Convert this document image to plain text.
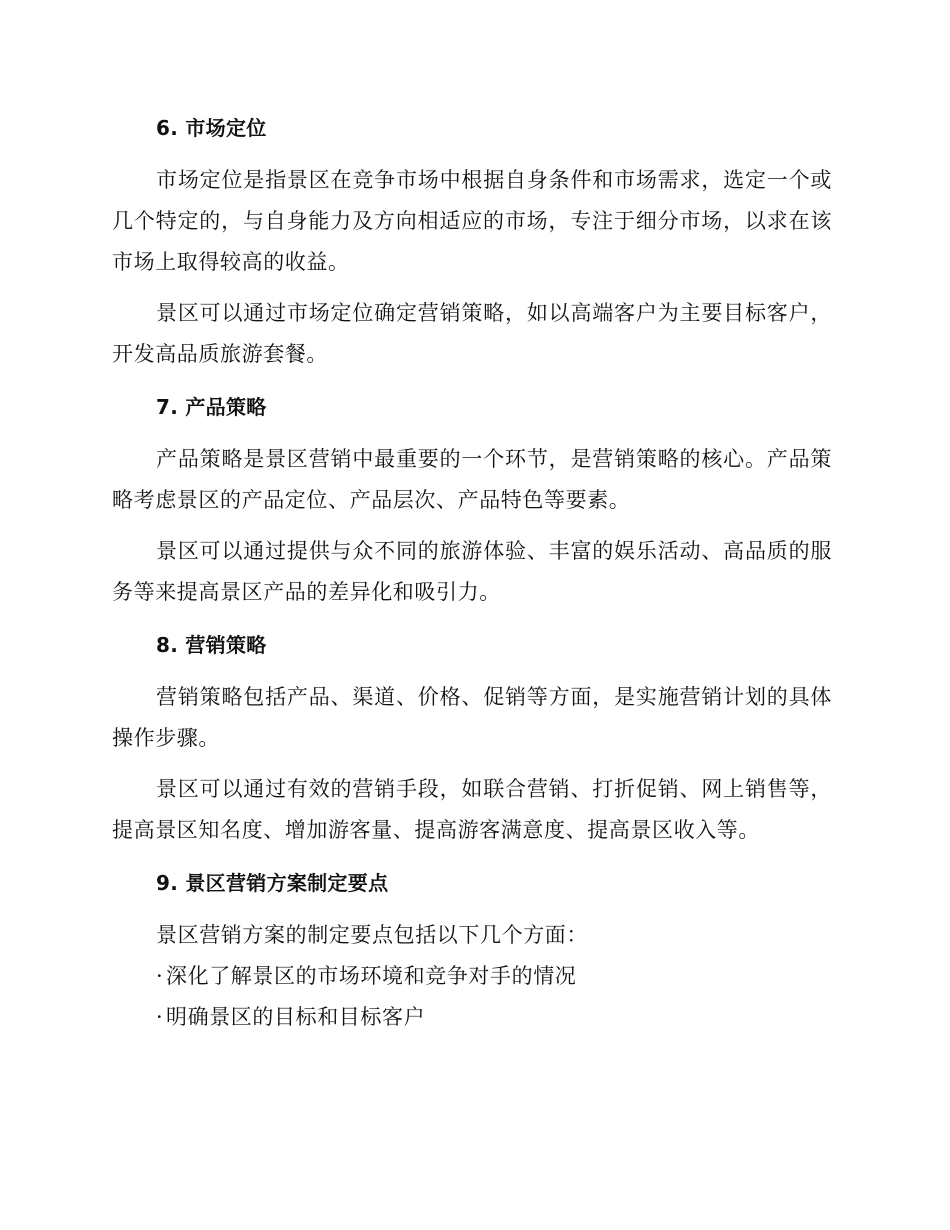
6. 市场定位

市场定位是指景区在竞争市场中根据自身条件和市场需求，选定一个或几个特定的，与自身能力及方向相适应的市场，专注于细分市场，以求在该市场上取得较高的收益。

景区可以通过市场定位确定营销策略，如以高端客户为主要目标客户，开发高品质旅游套餐。

7. 产品策略

产品策略是景区营销中最重要的一个环节，是营销策略的核心。产品策略考虑景区的产品定位、产品层次、产品特色等要素。

景区可以通过提供与众不同的旅游体验、丰富的娱乐活动、高品质的服务等来提高景区产品的差异化和吸引力。

8. 营销策略

营销策略包括产品、渠道、价格、促销等方面，是实施营销计划的具体操作步骤。

景区可以通过有效的营销手段，如联合营销、打折促销、网上销售等，提高景区知名度、增加游客量、提高游客满意度、提高景区收入等。

9. 景区营销方案制定要点

景区营销方案的制定要点包括以下几个方面：

· 深化了解景区的市场环境和竞争对手的情况

· 明确景区的目标和目标客户
